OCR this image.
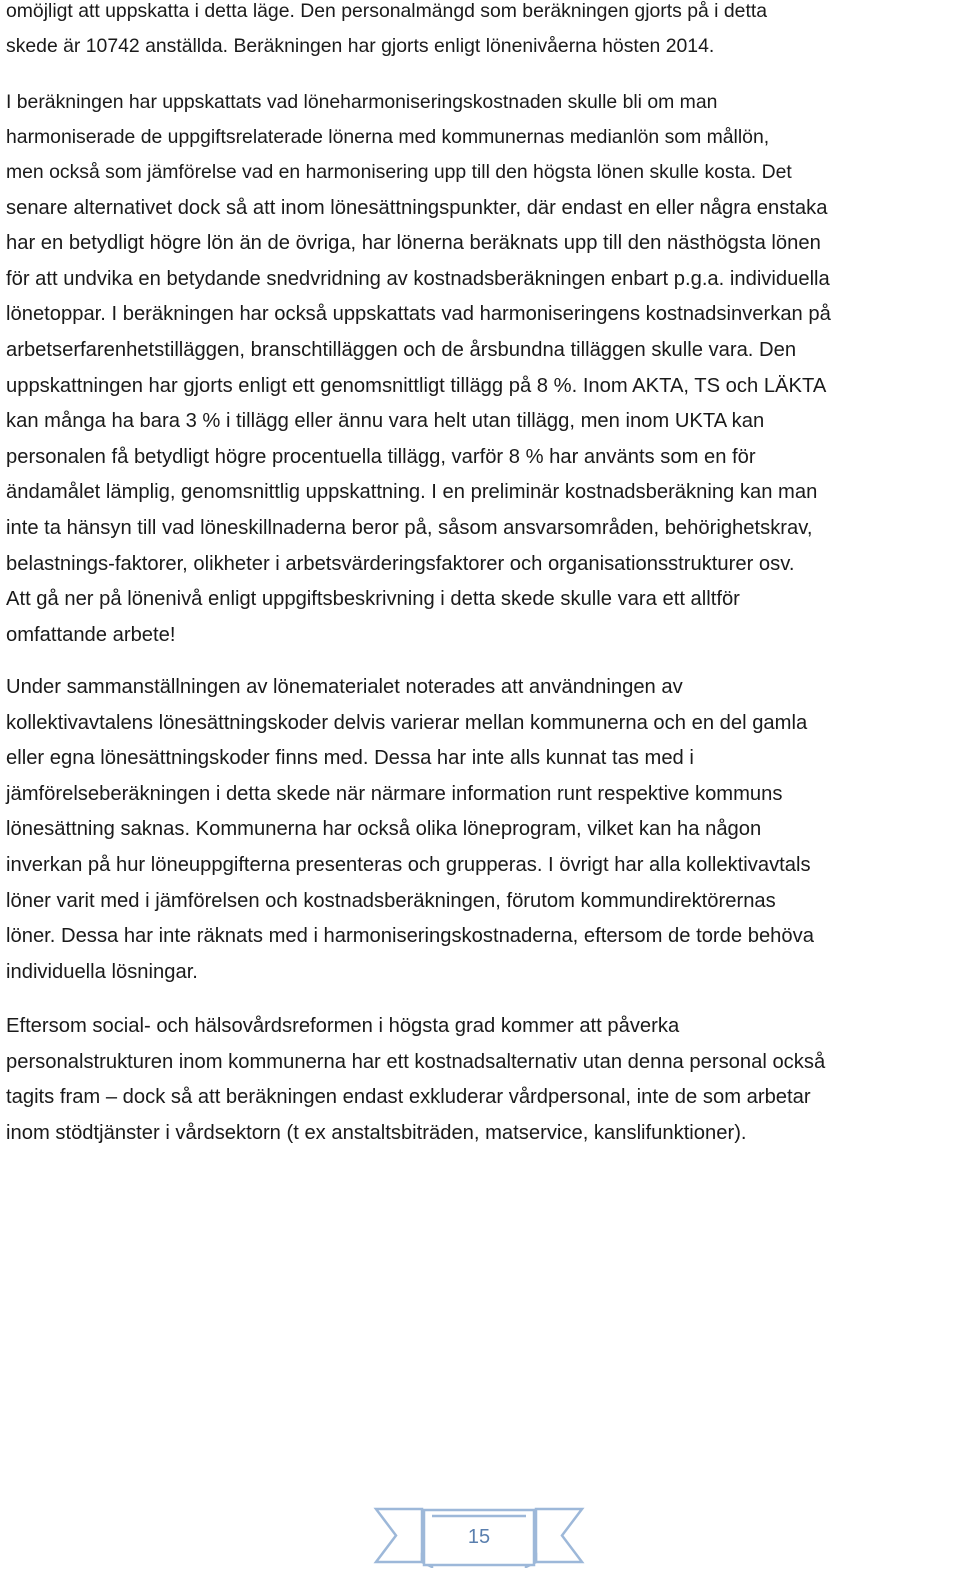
omöjligt att uppskatta i detta läge. Den personalmängd som beräkningen gjorts på i detta
skede är 10742 anställda. Beräkningen har gjorts enligt lönenivåerna hösten 2014.
I beräkningen har uppskattats vad löneharmoniseringskostnaden skulle bli om man
harmoniserade de uppgiftsrelaterade lönerna med kommunernas medianlön som mållön,
men också som jämförelse vad en harmonisering upp till den högsta lönen skulle kosta. Det
senare alternativet dock så att inom lönesättningspunkter, där endast en eller några enstaka
har en betydligt högre lön än de övriga, har lönerna beräknats upp till den nästhögsta lönen
för att undvika en betydande snedvridning av kostnadsberäkningen enbart p.g.a. individuella
lönetoppar. I beräkningen har också uppskattats vad harmoniseringens kostnadsinverkan på
arbetserfarenhetstilläggen, branschtilläggen och de årsbundna tilläggen skulle vara. Den
uppskattningen har gjorts enligt ett genomsnittligt tillägg på 8 %. Inom AKTA, TS och LÄKTA
kan många ha bara 3 % i tillägg eller ännu vara helt utan tillägg, men inom UKTA kan
personalen få betydligt högre procentuella tillägg, varför 8 % har använts som en för
ändamålet lämplig, genomsnittlig uppskattning. I en preliminär kostnadsberäkning kan man
inte ta hänsyn till vad löneskillnaderna beror på, såsom ansvarsområden, behörighetskrav,
belastnings-faktorer, olikheter i arbetsvärderingsfaktorer och organisationsstrukturer osv.
Att gå ner på lönenivå enligt uppgiftsbeskrivning i detta skede skulle vara ett alltför
omfattande arbete!
Under sammanställningen av lönematerialet noterades att användningen av
kollektivavtalens lönesättningskoder delvis varierar mellan kommunerna och en del gamla
eller egna lönesättningskoder finns med. Dessa har inte alls kunnat tas med i
jämförelseberäkningen i detta skede när närmare information runt respektive kommuns
lönesättning saknas. Kommunerna har också olika löneprogram, vilket kan ha någon
inverkan på hur löneuppgifterna presenteras och grupperas. I övrigt har alla kollektivavtals
löner varit med i jämförelsen och kostnadsberäkningen, förutom kommundirektörernas
löner. Dessa har inte räknats med i harmoniseringskostnaderna, eftersom de torde behöva
individuella lösningar.
Eftersom social- och hälsovårdsreformen i högsta grad kommer att påverka
personalstrukturen inom kommunerna har ett kostnadsalternativ utan denna personal också
tagits fram – dock så att beräkningen endast exkluderar vårdpersonal, inte de som arbetar
inom stödtjänster i vårdsektorn (t ex anstaltsbiträden, matservice, kanslifunktioner).
15
